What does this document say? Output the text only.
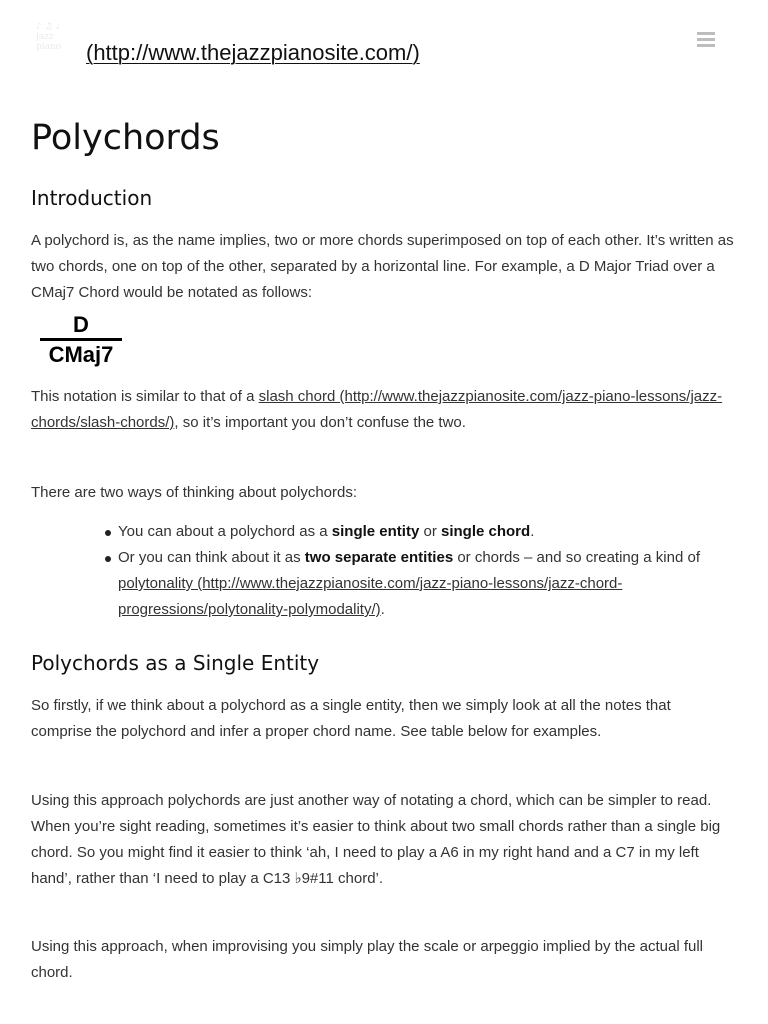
♪ ♫ ♩
jazz
piano	(http://www.thejazzpianosite.com/)
Polychords
Introduction

A polychord is, as the name implies, two or more chords superimposed on top of each other. It’s written as two chords, one on top of the other, separated by a horizontal line. For example, a D Major Triad over a CMaj7 Chord would be notated as follows:

D
CMaj7

This notation is similar to that of a slash chord (http://www.thejazzpianosite.com/jazz-piano-lessons/jazz-chords/slash-chords/), so it’s important you don’t confuse the two.

There are two ways of thinking about polychords:

You can about a polychord as a single entity or single chord.
Or you can think about it as two separate entities or chords – and so creating a kind of polytonality (http://www.thejazzpianosite.com/jazz-piano-lessons/jazz-chord-progressions/polytonality-polymodality/).
Polychords as a Single Entity

So firstly, if we think about a polychord as a single entity, then we simply look at all the notes that comprise the polychord and infer a proper chord name. See table below for examples.

Using this approach polychords are just another way of notating a chord, which can be simpler to read. When you’re sight reading, sometimes it’s easier to think about two small chords rather than a single big chord. So you might find it easier to think ‘ah, I need to play a A6 in my right hand and a C7 in my left hand’, rather than ‘I need to play a C13 ♭9#11 chord’.

Using this approach, when improvising you simply play the scale or arpeggio implied by the actual full chord.
